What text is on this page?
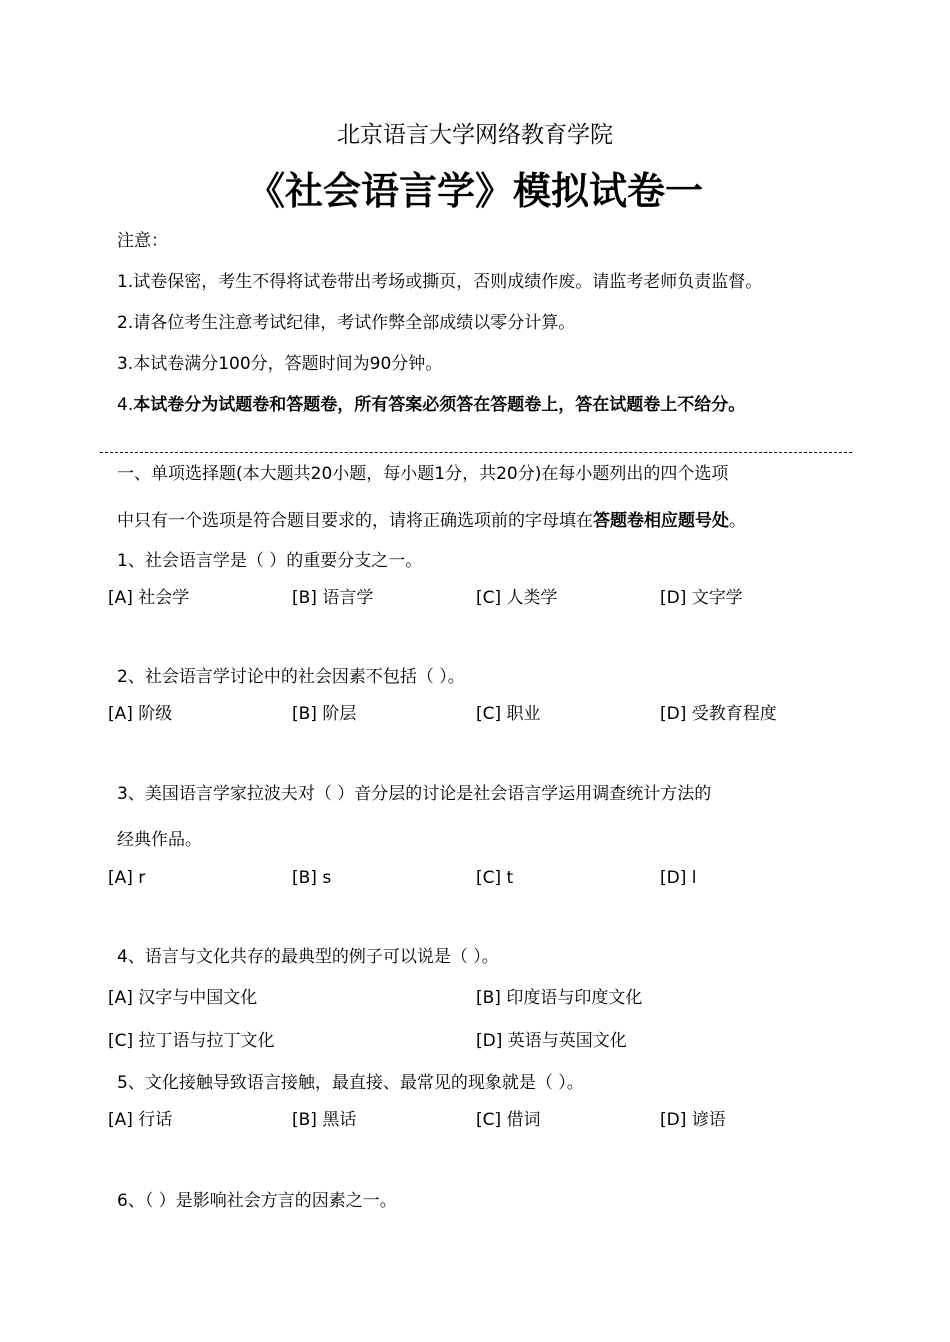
北京语言大学网络教育学院
《社会语言学》模拟试卷一
注意：
1.试卷保密，考生不得将试卷带出考场或撕页，否则成绩作废。请监考老师负责监督。
2.请各位考生注意考试纪律，考试作弊全部成绩以零分计算。
3.本试卷满分100分，答题时间为90分钟。
4.本试卷分为试题卷和答题卷，所有答案必须答在答题卷上，答在试题卷上不给分。
一、单项选择题(本大题共20小题，每小题1分，共20分)在每小题列出的四个选项
中只有一个选项是符合题目要求的，请将正确选项前的字母填在答题卷相应题号处。
1、社会语言学是（ ）的重要分支之一。
[A] 社会学	[B] 语言学	[C] 人类学	[D] 文字学
2、社会语言学讨论中的社会因素不包括（ ）。
[A] 阶级	[B] 阶层	[C] 职业	[D] 受教育程度
3、美国语言学家拉波夫对（ ）音分层的讨论是社会语言学运用调查统计方法的
经典作品。
[A] r	[B] s	[C] t	[D] l
4、语言与文化共存的最典型的例子可以说是（ ）。
[A] 汉字与中国文化	[B] 印度语与印度文化
[C] 拉丁语与拉丁文化	[D] 英语与英国文化
5、文化接触导致语言接触，最直接、最常见的现象就是（ ）。
[A] 行话	[B] 黑话	[C] 借词	[D] 谚语
6、（ ）是影响社会方言的因素之一。
